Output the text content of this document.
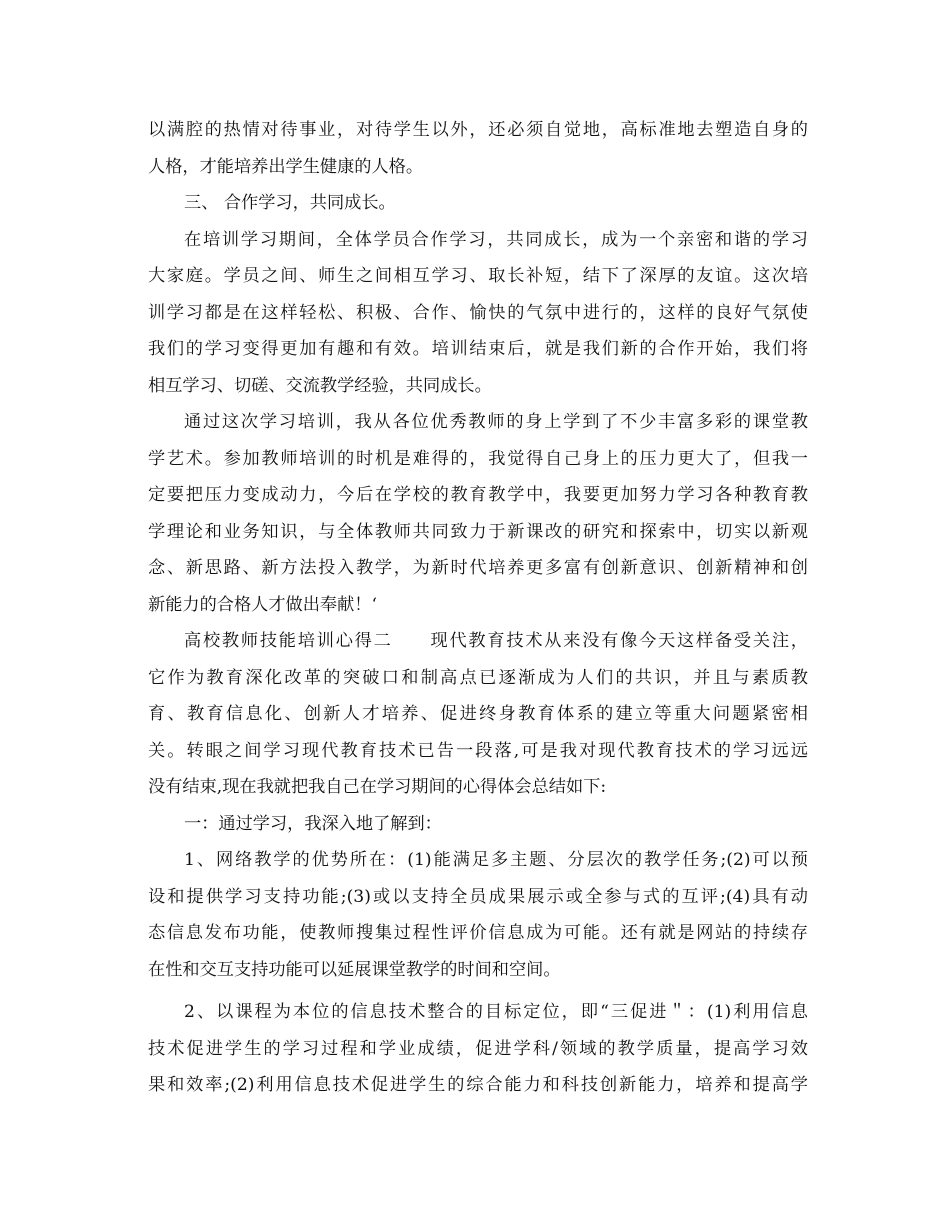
以满腔的热情对待事业，对待学生以外，还必须自觉地，高标准地去塑造自身的
人格，才能培养出学生健康的人格。
三、 合作学习，共同成长。
在培训学习期间，全体学员合作学习，共同成长，成为一个亲密和谐的学习
大家庭。学员之间、师生之间相互学习、取长补短，结下了深厚的友谊。这次培
训学习都是在这样轻松、积极、合作、愉快的气氛中进行的，这样的良好气氛使
我们的学习变得更加有趣和有效。培训结束后，就是我们新的合作开始，我们将
相互学习、切磋、交流教学经验，共同成长。
通过这次学习培训，我从各位优秀教师的身上学到了不少丰富多彩的课堂教
学艺术。参加教师培训的时机是难得的，我觉得自己身上的压力更大了，但我一
定要把压力变成动力，今后在学校的教育教学中，我要更加努力学习各种教育教
学理论和业务知识，与全体教师共同致力于新课改的研究和探索中，切实以新观
念、新思路、新方法投入教学，为新时代培养更多富有创新意识、创新精神和创
新能力的合格人才做出奉献！‘
高校教师技能培训心得二　　现代教育技术从来没有像今天这样备受关注，
它作为教育深化改革的突破口和制高点已逐渐成为人们的共识，并且与素质教
育、教育信息化、创新人才培养、促进终身教育体系的建立等重大问题紧密相
关。转眼之间学习现代教育技术已告一段落,可是我对现代教育技术的学习远远
没有结束,现在我就把我自己在学习期间的心得体会总结如下:
一：通过学习，我深入地了解到：
1、网络教学的优势所在：(1)能满足多主题、分层次的教学任务;(2)可以预
设和提供学习支持功能;(3)或以支持全员成果展示或全参与式的互评;(4)具有动
态信息发布功能，使教师搜集过程性评价信息成为可能。还有就是网站的持续存
在性和交互支持功能可以延展课堂教学的时间和空间。
2、以课程为本位的信息技术整合的目标定位，即“三促进＂：(1)利用信息
技术促进学生的学习过程和学业成绩，促进学科/领域的教学质量，提高学习效
果和效率;(2)利用信息技术促进学生的综合能力和科技创新能力，培养和提高学
